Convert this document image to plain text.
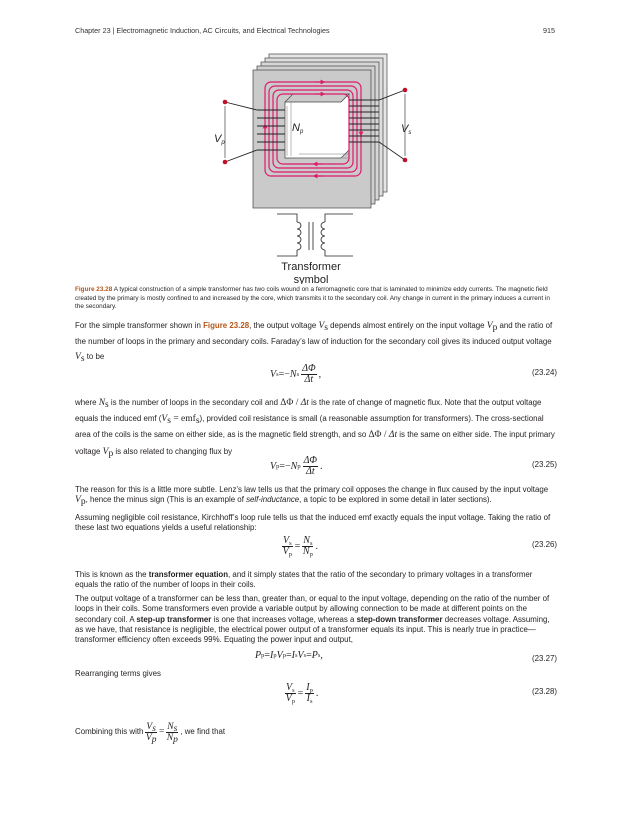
Chapter 23 | Electromagnetic Induction, AC Circuits, and Electrical Technologies	915
Vp
Vs
Np
Transformer
symbol
Figure 23.28 A typical construction of a simple transformer has two coils wound on a ferromagnetic core that is laminated to minimize eddy currents. The magnetic field created by the primary is mostly confined to and increased by the core, which transmits it to the secondary coil. Any change in current in the primary induces a current in the secondary.
For the simple transformer shown in Figure 23.28, the output voltage $V_s$ depends almost entirely on the input voltage $V_p$ and the ratio of the number of loops in the primary and secondary coils. Faraday’s law of induction for the secondary coil gives its induced output voltage $V_s$ to be
V s = − N s $\frac{\Delta\Phi}{\Delta t}$ ,	(23.24)
where $N_s$ is the number of loops in the secondary coil and ΔΦ / Δt is the rate of change of magnetic flux. Note that the output voltage equals the induced emf $(V_s = emf_s)$, provided coil resistance is small (a reasonable assumption for transformers). The cross-sectional area of the coils is the same on either side, as is the magnetic field strength, and so ΔΦ / Δt is the same on either side. The input primary voltage $V_p$ is also related to changing flux by
V p = − N p $\frac{\Delta\Phi}{\Delta t}$ .	(23.25)
The reason for this is a little more subtle. Lenz’s law tells us that the primary coil opposes the change in flux caused by the input voltage $V_p$, hence the minus sign (This is an example of self-inductance, a topic to be explored in some detail in later sections).
Assuming negligible coil resistance, Kirchhoff’s loop rule tells us that the induced emf exactly equals the input voltage. Taking the ratio of these last two equations yields a useful relationship:
$\frac{V_s}{V_p} = \frac{N_s}{N_p}$ .	(23.26)
This is known as the transformer equation, and it simply states that the ratio of the secondary to primary voltages in a transformer equals the ratio of the number of loops in their coils.
The output voltage of a transformer can be less than, greater than, or equal to the input voltage, depending on the ratio of the number of loops in their coils. Some transformers even provide a variable output by allowing connection to be made at different points on the secondary coil. A step-up transformer is one that increases voltage, whereas a step-down transformer decreases voltage. Assuming, as we have, that resistance is negligible, the electrical power output of a transformer equals its input. This is nearly true in practice—transformer efficiency often exceeds 99%. Equating the power input and output,
P p = I p V p = I s V s = P s ,	(23.27)
Rearranging terms gives
$\frac{V_s}{V_p} = \frac{I_p}{I_s}$ .	(23.28)
Combining this with $\frac{V_s}{V_p} = \frac{N_s}{N_p}$ , we find that
